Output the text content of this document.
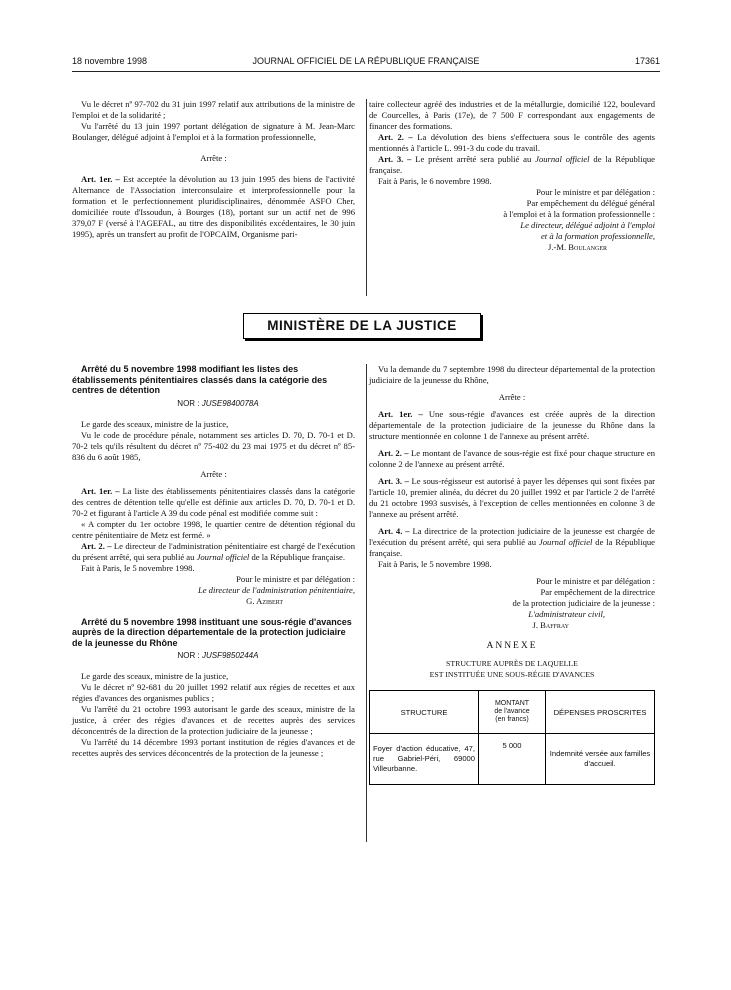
18 novembre 1998	JOURNAL OFFICIEL DE LA RÉPUBLIQUE FRANÇAISE	17361

Vu le décret nº 97-702 du 31 juin 1997 relatif aux attributions de la ministre de l'emploi et de la solidarité ;

Vu l'arrêté du 13 juin 1997 portant délégation de signature à M. Jean-Marc Boulanger, délégué adjoint à l'emploi et à la formation professionnelle,

Arrête :

Art. 1er. – Est acceptée la dévolution au 13 juin 1995 des biens de l'activité Alternance de l'Association interconsulaire et interprofessionnelle pour la formation et le perfectionnement pluridisciplinaires, dénommée ASFO Cher, domiciliée route d'Issoudun, à Bourges (18), portant sur un actif net de 996 379,07 F (versé à l'AGEFAL, au titre des disponibilités excédentaires, le 30 juin 1995), après un transfert au profit de l'OPCAIM, Organisme pari-

taire collecteur agréé des industries et de la métallurgie, domicilié 122, boulevard de Courcelles, à Paris (17e), de 7 500 F correspondant aux engagements de financer des formations.

Art. 2. – La dévolution des biens s'effectuera sous le contrôle des agents mentionnés à l'article L. 991-3 du code du travail.

Art. 3. – Le présent arrêté sera publié au Journal officiel de la République française.

Fait à Paris, le 6 novembre 1998.

Pour le ministre et par délégation :

Par empêchement du délégué général

à l'emploi et à la formation professionnelle :

Le directeur, délégué adjoint à l'emploi

et à la formation professionnelle,

J.-M. Boulanger

MINISTÈRE DE LA JUSTICE

Arrêté du 5 novembre 1998 modifiant les listes des établissements pénitentiaires classés dans la catégorie des centres de détention

NOR : JUSE9840078A

Le garde des sceaux, ministre de la justice,

Vu le code de procédure pénale, notamment ses articles D. 70, D. 70-1 et D. 70-2 tels qu'ils résultent du décret nº 75-402 du 23 mai 1975 et du décret nº 85-836 du 6 août 1985,

Arrête :

Art. 1er. – La liste des établissements pénitentiaires classés dans la catégorie des centres de détention telle qu'elle est définie aux articles D. 70, D. 70-1 et D. 70-2 et figurant à l'article A 39 du code pénal est modifiée comme suit :

« A compter du 1er octobre 1998, le quartier centre de détention régional du centre pénitentiaire de Metz est fermé. »

Art. 2. – Le directeur de l'administration pénitentiaire est chargé de l'exécution du présent arrêté, qui sera publié au Journal officiel de la République française.

Fait à Paris, le 5 novembre 1998.

Pour le ministre et par délégation :

Le directeur de l'administration pénitentiaire,

G. Azibert

Arrêté du 5 novembre 1998 instituant une sous-régie d'avances auprès de la direction départementale de la protection judiciaire de la jeunesse du Rhône

NOR : JUSF9850244A

Le garde des sceaux, ministre de la justice,

Vu le décret nº 92-681 du 20 juillet 1992 relatif aux régies de recettes et aux régies d'avances des organismes publics ;

Vu l'arrêté du 21 octobre 1993 autorisant le garde des sceaux, ministre de la justice, à créer des régies d'avances et de recettes auprès des services déconcentrés de la direction de la protection judiciaire de la jeunesse ;

Vu l'arrêté du 14 décembre 1993 portant institution de régies d'avances et de recettes auprès des services déconcentrés de la protection de la jeunesse ;

Vu la demande du 7 septembre 1998 du directeur départemental de la protection judiciaire de la jeunesse du Rhône,

Arrête :

Art. 1er. – Une sous-régie d'avances est créée auprès de la direction départementale de la protection judiciaire de la jeunesse du Rhône dans la structure mentionnée en colonne 1 de l'annexe au présent arrêté.

Art. 2. – Le montant de l'avance de sous-régie est fixé pour chaque structure en colonne 2 de l'annexe au présent arrêté.

Art. 3. – Le sous-régisseur est autorisé à payer les dépenses qui sont fixées par l'article 10, premier alinéa, du décret du 20 juillet 1992 et par l'article 2 de l'arrêté du 21 octobre 1993 susvisés, à l'exception de celles mentionnées en colonne 3 de l'annexe au présent arrêté.

Art. 4. – La directrice de la protection judiciaire de la jeunesse est chargée de l'exécution du présent arrêté, qui sera publié au Journal officiel de la République française.

Fait à Paris, le 5 novembre 1998.

Pour le ministre et par délégation :

Par empêchement de la directrice

de la protection judiciaire de la jeunesse :

L'administrateur civil,

J. Baffray

ANNEXE

STRUCTURE AUPRÈS DE LAQUELLE

EST INSTITUÉE UNE SOUS-RÉGIE D'AVANCES

STRUCTURE	MONTANT
de l'avance
(en francs)	DÉPENSES PROSCRITES
Foyer d'action éducative, 47, rue Gabriel-Péri, 69000 Villeurbanne.	5 000	Indemnité versée aux familles d'accueil.
